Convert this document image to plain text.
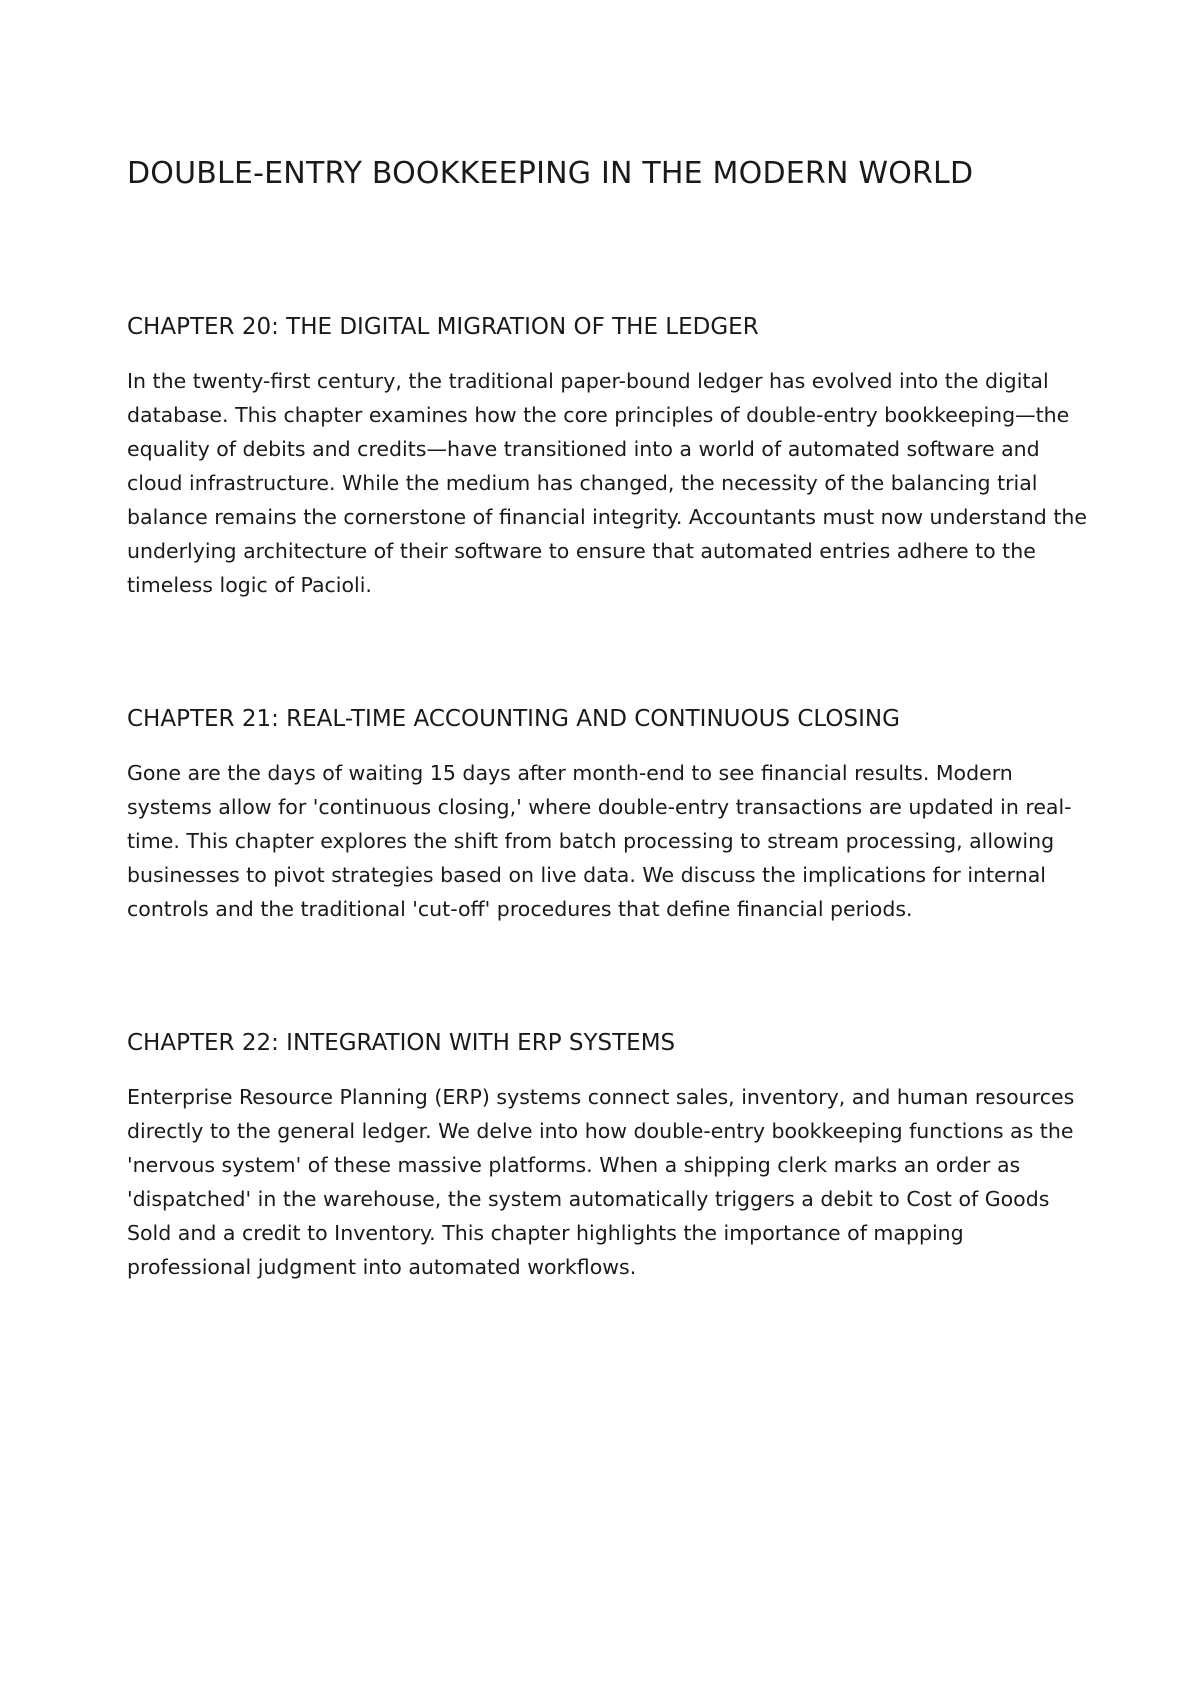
DOUBLE-ENTRY BOOKKEEPING IN THE MODERN WORLD
CHAPTER 20: THE DIGITAL MIGRATION OF THE LEDGER

In the twenty-first century, the traditional paper-bound ledger has evolved into the digital database. This chapter examines how the core principles of double-entry bookkeeping—the equality of debits and credits—have transitioned into a world of automated software and cloud infrastructure. While the medium has changed, the necessity of the balancing trial balance remains the cornerstone of financial integrity. Accountants must now understand the underlying architecture of their software to ensure that automated entries adhere to the timeless logic of Pacioli.

CHAPTER 21: REAL-TIME ACCOUNTING AND CONTINUOUS CLOSING

Gone are the days of waiting 15 days after month-end to see financial results. Modern systems allow for 'continuous closing,' where double-entry transactions are updated in real-time. This chapter explores the shift from batch processing to stream processing, allowing businesses to pivot strategies based on live data. We discuss the implications for internal controls and the traditional 'cut-off' procedures that define financial periods.

CHAPTER 22: INTEGRATION WITH ERP SYSTEMS

Enterprise Resource Planning (ERP) systems connect sales, inventory, and human resources directly to the general ledger. We delve into how double-entry bookkeeping functions as the 'nervous system' of these massive platforms. When a shipping clerk marks an order as 'dispatched' in the warehouse, the system automatically triggers a debit to Cost of Goods Sold and a credit to Inventory. This chapter highlights the importance of mapping professional judgment into automated workflows.
